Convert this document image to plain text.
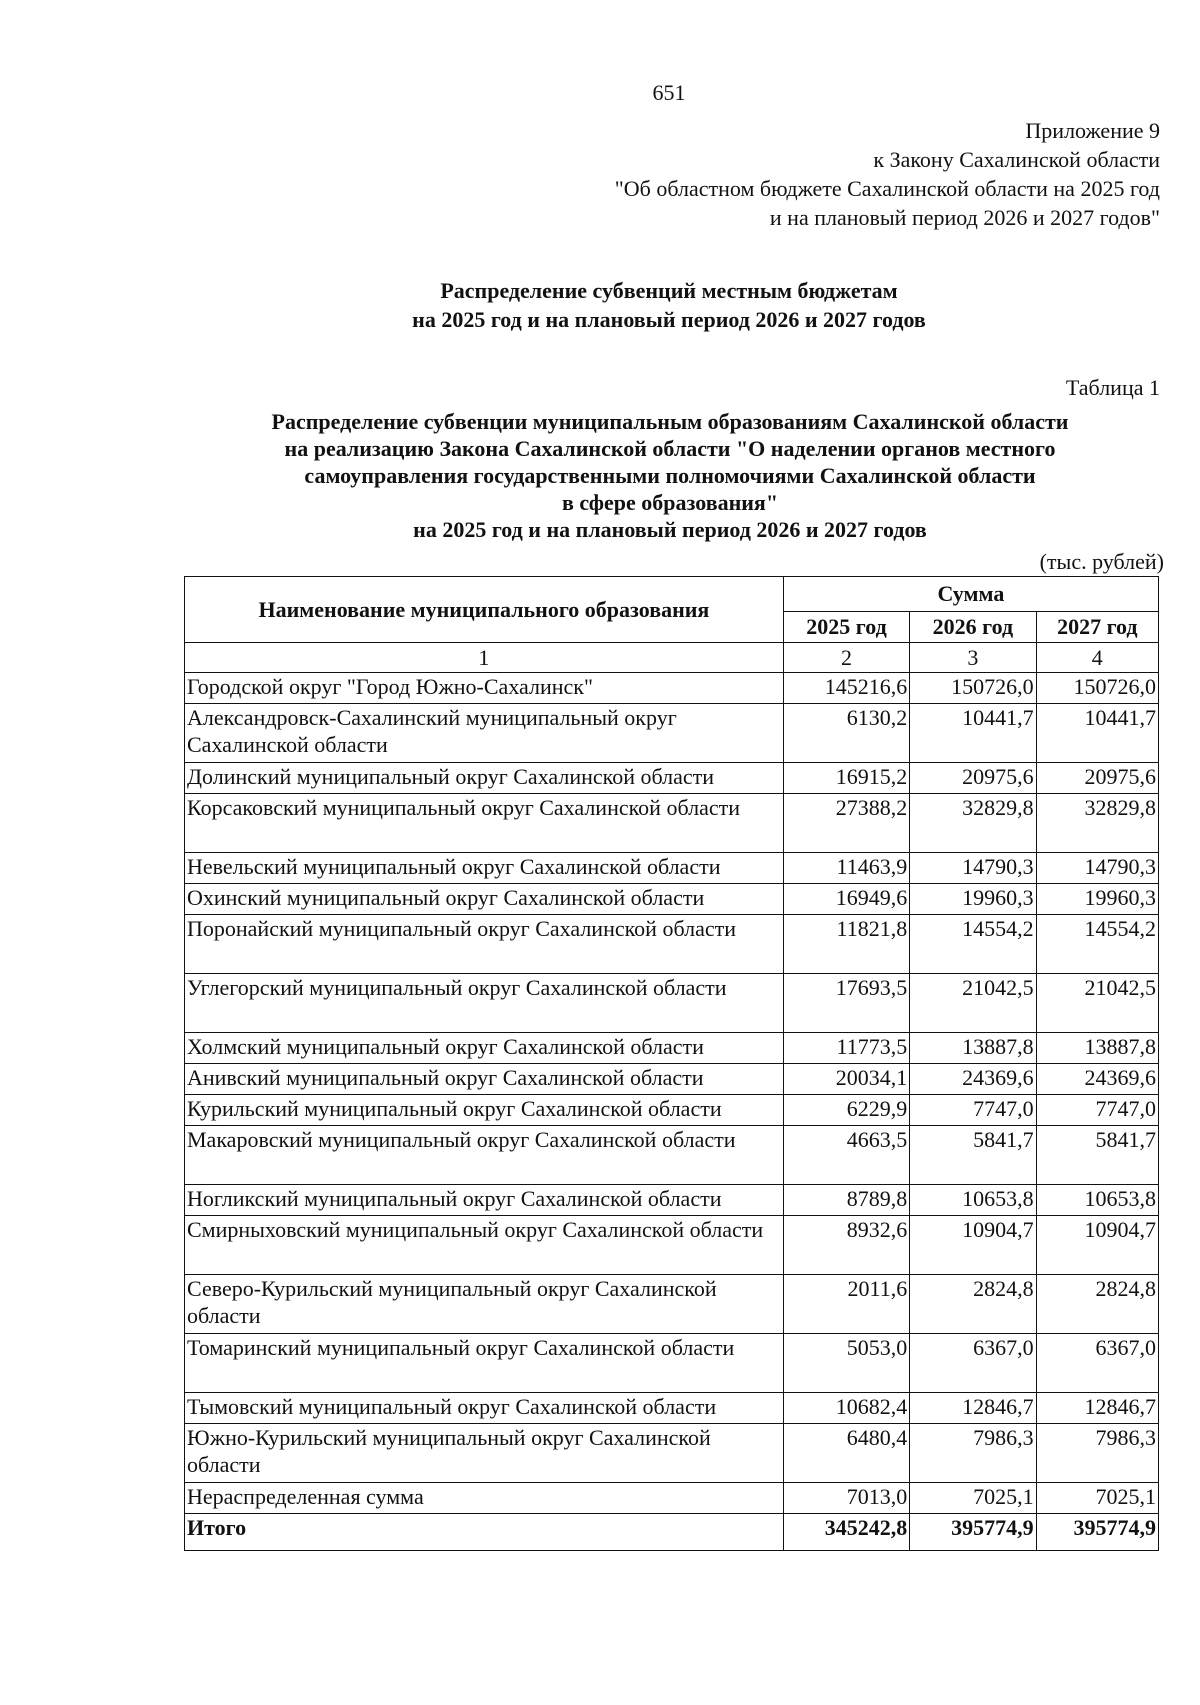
651
Приложение 9
к Закону Сахалинской области
"Об областном бюджете Сахалинской области на 2025 год
и на плановый период 2026 и 2027 годов"
Распределение субвенций местным бюджетам
на 2025 год и на плановый период 2026 и 2027 годов
Таблица 1
Распределение субвенции муниципальным образованиям Сахалинской области
на реализацию Закона Сахалинской области "О наделении органов местного
самоуправления государственными полномочиями Сахалинской области
в сфере образования"
на 2025 год и на плановый период 2026 и 2027 годов
(тыс. рублей)
Наименование муниципального образования	Сумма		
	2025 год	2026 год	2027 год
1	2	3	4
Городской округ "Город Южно-Сахалинск"	145216,6	150726,0	150726,0
Александровск-Сахалинский муниципальный округ Сахалинской области	6130,2	10441,7	10441,7
Долинский муниципальный округ Сахалинской области	16915,2	20975,6	20975,6
Корсаковский муниципальный округ Сахалинской области	27388,2	32829,8	32829,8
Невельский муниципальный округ Сахалинской области	11463,9	14790,3	14790,3
Охинский муниципальный округ Сахалинской области	16949,6	19960,3	19960,3
Поронайский муниципальный округ Сахалинской области	11821,8	14554,2	14554,2
Углегорский муниципальный округ Сахалинской области	17693,5	21042,5	21042,5
Холмский муниципальный округ Сахалинской области	11773,5	13887,8	13887,8
Анивский муниципальный округ Сахалинской области	20034,1	24369,6	24369,6
Курильский муниципальный округ Сахалинской области	6229,9	7747,0	7747,0
Макаровский муниципальный округ Сахалинской области	4663,5	5841,7	5841,7
Ногликский муниципальный округ Сахалинской области	8789,8	10653,8	10653,8
Смирныховский муниципальный округ Сахалинской области	8932,6	10904,7	10904,7
Северо-Курильский муниципальный округ Сахалинской области	2011,6	2824,8	2824,8
Томаринский муниципальный округ Сахалинской области	5053,0	6367,0	6367,0
Тымовский муниципальный округ Сахалинской области	10682,4	12846,7	12846,7
Южно-Курильский муниципальный округ Сахалинской области	6480,4	7986,3	7986,3
Нераспределенная сумма	7013,0	7025,1	7025,1
Итого	345242,8	395774,9	395774,9
